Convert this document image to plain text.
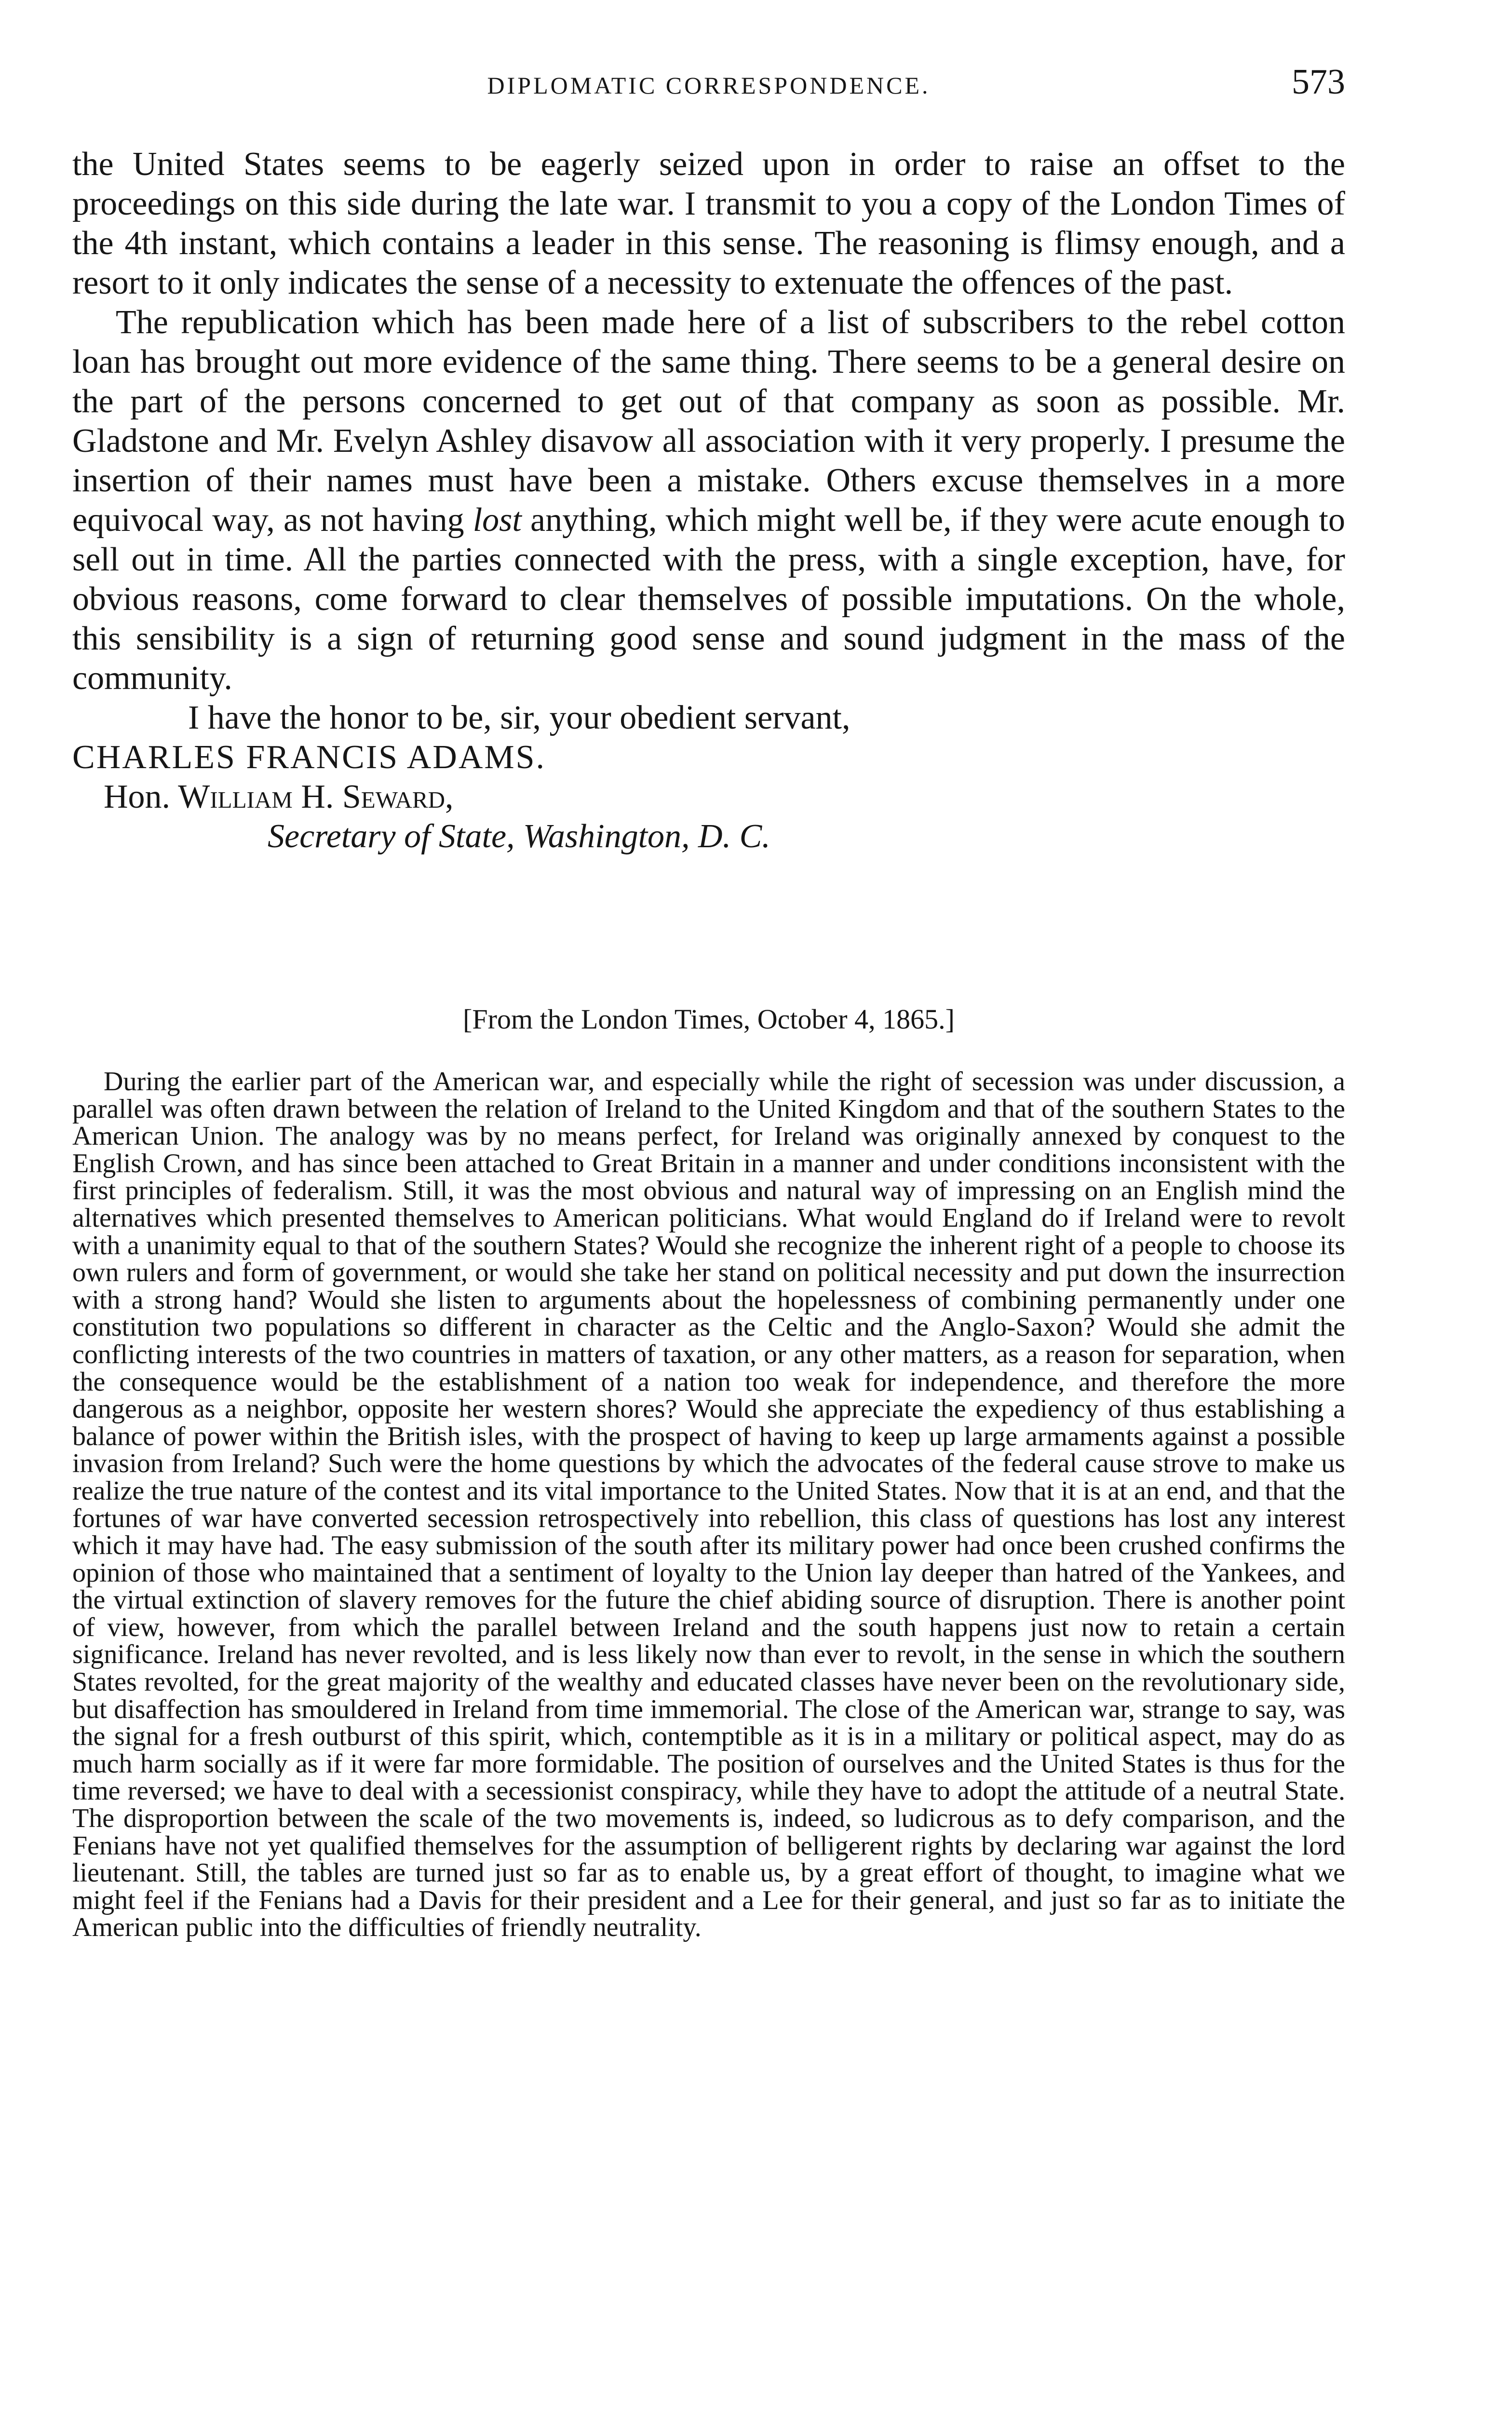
DIPLOMATIC CORRESPONDENCE.	573

the United States seems to be eagerly seized upon in order to raise an offset to the proceedings on this side during the late war. I transmit to you a copy of the London Times of the 4th instant, which contains a leader in this sense. The reasoning is flimsy enough, and a resort to it only indicates the sense of a necessity to extenuate the offences of the past.

The republication which has been made here of a list of subscribers to the rebel cotton loan has brought out more evidence of the same thing. There seems to be a general desire on the part of the persons concerned to get out of that company as soon as possible. Mr. Gladstone and Mr. Evelyn Ashley disavow all association with it very properly. I presume the insertion of their names must have been a mistake. Others excuse themselves in a more equivocal way, as not having lost anything, which might well be, if they were acute enough to sell out in time. All the parties connected with the press, with a single exception, have, for obvious reasons, come forward to clear themselves of possible imputations. On the whole, this sensibility is a sign of returning good sense and sound judgment in the mass of the community.

I have the honor to be, sir, your obedient servant,

CHARLES FRANCIS ADAMS.

Hon. William H. Seward,

Secretary of State, Washington, D. C.

[From the London Times, October 4, 1865.]

During the earlier part of the American war, and especially while the right of secession was under discussion, a parallel was often drawn between the relation of Ireland to the United Kingdom and that of the southern States to the American Union. The analogy was by no means perfect, for Ireland was originally annexed by conquest to the English Crown, and has since been attached to Great Britain in a manner and under conditions inconsistent with the first principles of federalism. Still, it was the most obvious and natural way of impressing on an English mind the alternatives which presented themselves to American politicians. What would England do if Ireland were to revolt with a unanimity equal to that of the southern States? Would she recognize the inherent right of a people to choose its own rulers and form of government, or would she take her stand on political necessity and put down the insurrection with a strong hand? Would she listen to arguments about the hopelessness of combining permanently under one constitution two populations so different in character as the Celtic and the Anglo-Saxon? Would she admit the conflicting interests of the two countries in matters of taxation, or any other matters, as a reason for separation, when the consequence would be the establishment of a nation too weak for independence, and therefore the more dangerous as a neighbor, opposite her western shores? Would she appreciate the expediency of thus establishing a balance of power within the British isles, with the prospect of having to keep up large armaments against a possible invasion from Ireland? Such were the home questions by which the advocates of the federal cause strove to make us realize the true nature of the contest and its vital importance to the United States. Now that it is at an end, and that the fortunes of war have converted secession retrospectively into rebellion, this class of questions has lost any interest which it may have had. The easy submission of the south after its military power had once been crushed confirms the opinion of those who maintained that a sentiment of loyalty to the Union lay deeper than hatred of the Yankees, and the virtual extinction of slavery removes for the future the chief abiding source of disruption. There is another point of view, however, from which the parallel between Ireland and the south happens just now to retain a certain significance. Ireland has never revolted, and is less likely now than ever to revolt, in the sense in which the southern States revolted, for the great majority of the wealthy and educated classes have never been on the revolutionary side, but disaffection has smouldered in Ireland from time immemorial. The close of the American war, strange to say, was the signal for a fresh outburst of this spirit, which, contemptible as it is in a military or political aspect, may do as much harm socially as if it were far more formidable. The position of ourselves and the United States is thus for the time reversed; we have to deal with a secessionist conspiracy, while they have to adopt the attitude of a neutral State. The disproportion between the scale of the two movements is, indeed, so ludicrous as to defy comparison, and the Fenians have not yet qualified themselves for the assumption of belligerent rights by declaring war against the lord lieutenant. Still, the tables are turned just so far as to enable us, by a great effort of thought, to imagine what we might feel if the Fenians had a Davis for their president and a Lee for their general, and just so far as to initiate the American public into the difficulties of friendly neutrality.
